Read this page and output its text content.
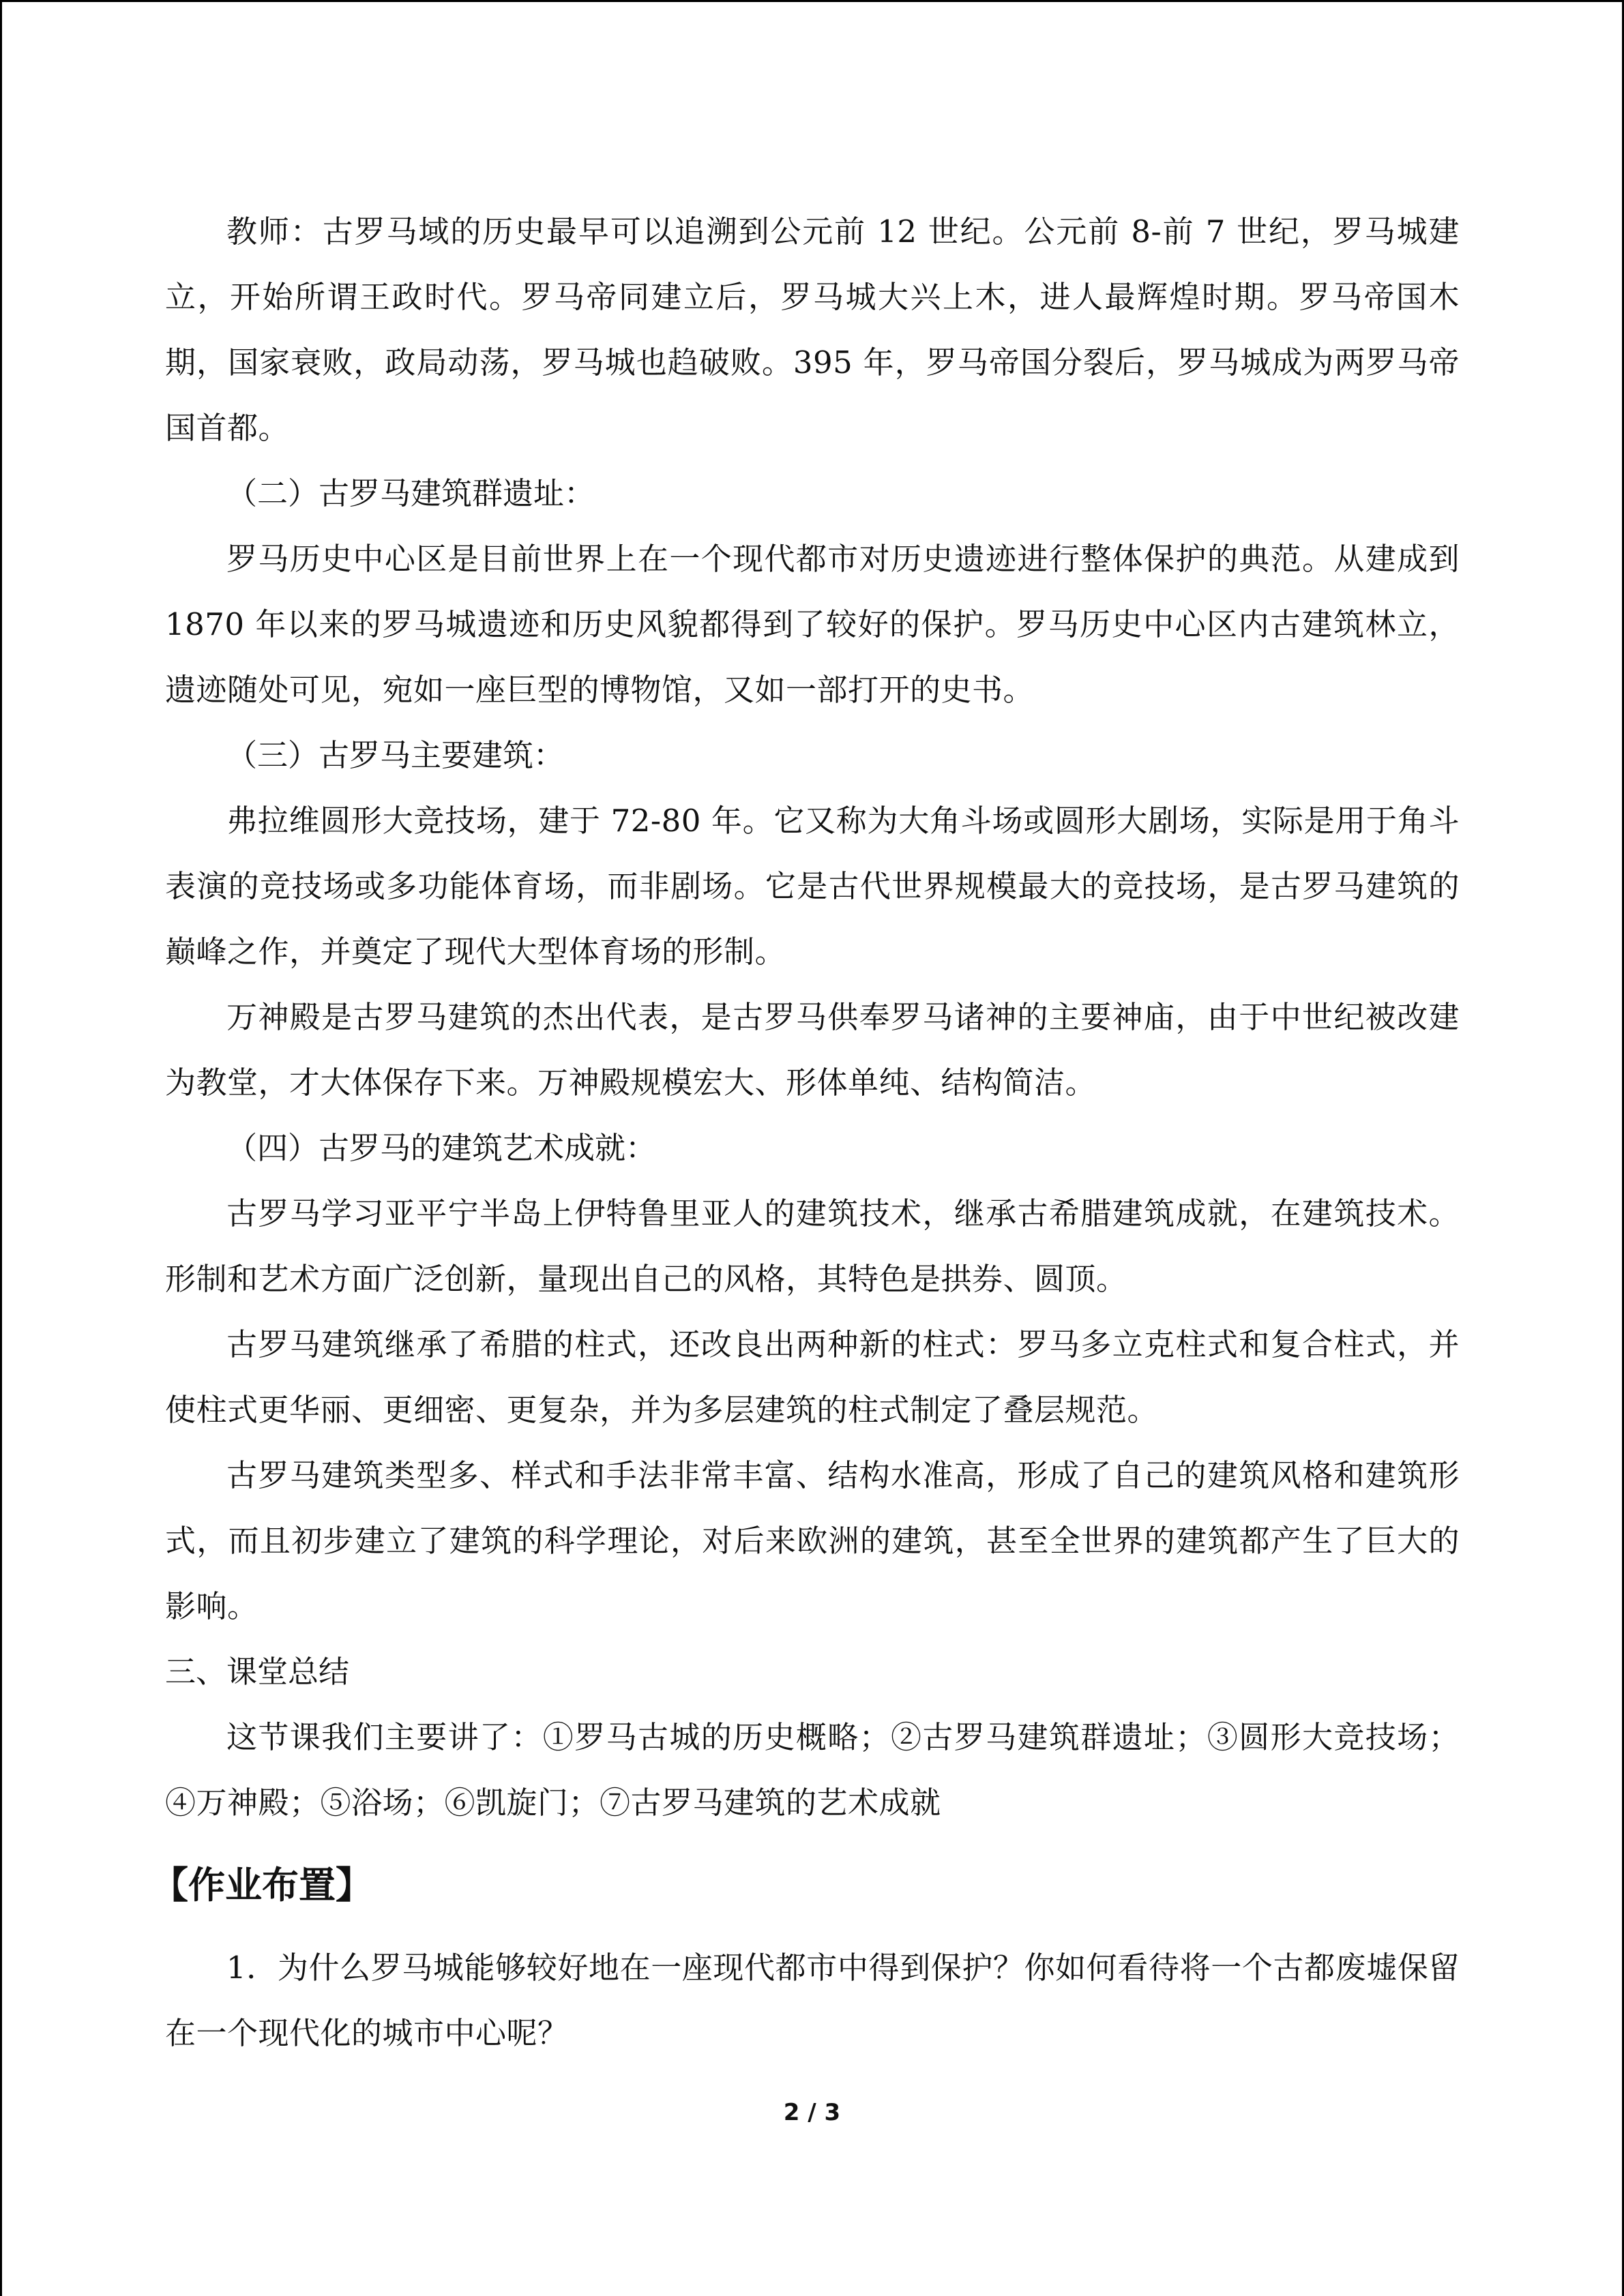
教师：古罗马域的历史最早可以追溯到公元前 12 世纪。公元前 8-前 7 世纪，罗马城建立，开始所谓王政时代。罗马帝同建立后，罗马城大兴上木，进人最辉煌时期。罗马帝国木期，国家衰败，政局动荡，罗马城也趋破败。395 年，罗马帝国分裂后，罗马城成为两罗马帝国首都。

（二）古罗马建筑群遗址：

罗马历史中心区是目前世界上在一个现代都市对历史遗迹进行整体保护的典范。从建成到 1870 年以来的罗马城遗迹和历史风貌都得到了较好的保护。罗马历史中心区内古建筑林立，遗迹随处可见，宛如一座巨型的博物馆，又如一部打开的史书。

（三）古罗马主要建筑：

弗拉维圆形大竞技场，建于 72-80 年。它又称为大角斗场或圆形大剧场，实际是用于角斗表演的竞技场或多功能体育场，而非剧场。它是古代世界规模最大的竞技场，是古罗马建筑的巅峰之作，并奠定了现代大型体育场的形制。

万神殿是古罗马建筑的杰出代表，是古罗马供奉罗马诸神的主要神庙，由于中世纪被改建为教堂，才大体保存下来。万神殿规模宏大、形体单纯、结构简洁。

（四）古罗马的建筑艺术成就：

古罗马学习亚平宁半岛上伊特鲁里亚人的建筑技术，继承古希腊建筑成就，在建筑技术。形制和艺术方面广泛创新，量现出自己的风格，其特色是拱券、圆顶。

古罗马建筑继承了希腊的柱式，还改良出两种新的柱式：罗马多立克柱式和复合柱式，并使柱式更华丽、更细密、更复杂，并为多层建筑的柱式制定了叠层规范。

古罗马建筑类型多、样式和手法非常丰富、结构水准高，形成了自己的建筑风格和建筑形式，而且初步建立了建筑的科学理论，对后来欧洲的建筑，甚至全世界的建筑都产生了巨大的影响。

三、课堂总结

这节课我们主要讲了：①罗马古城的历史概略；②古罗马建筑群遗址；③圆形大竞技场；④万神殿；⑤浴场；⑥凯旋门；⑦古罗马建筑的艺术成就

【作业布置】

1．为什么罗马城能够较好地在一座现代都市中得到保护？你如何看待将一个古都废墟保留在一个现代化的城市中心呢？

2 / 3
